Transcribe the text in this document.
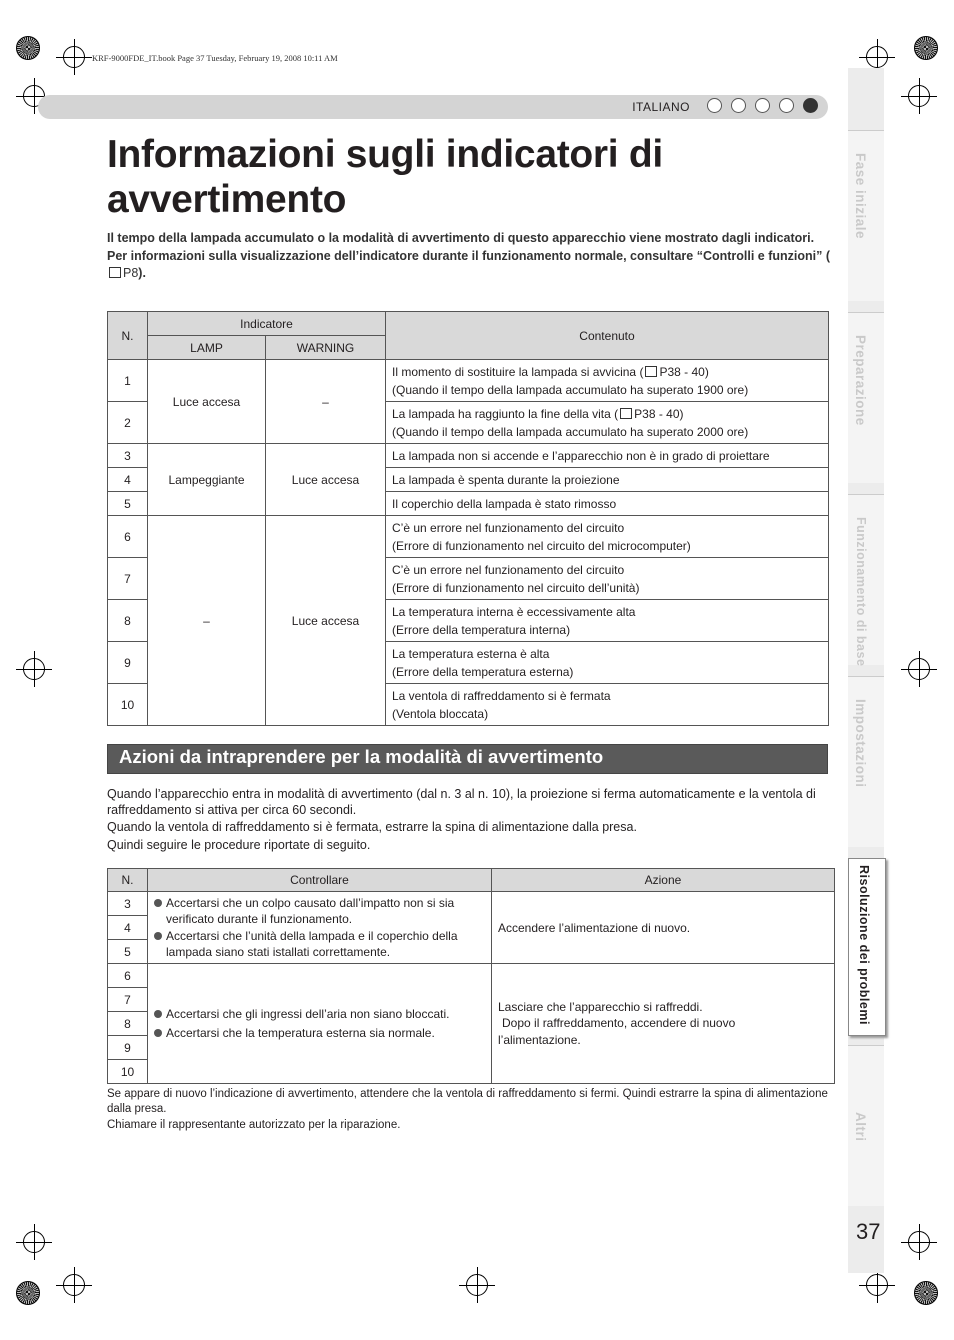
KRF-9000FDE_IT.book Page 37 Tuesday, February 19, 2008 10:11 AM
ITALIANO
Fase iniziale
Preparazione
Funzionamento di base
Impostazioni
Risoluzione dei problemi
Altri
37
Informazioni sugli indicatori di avvertimento

Il tempo della lampada accumulato o la modalità di avvertimento di questo apparecchio viene mostrato dagli indicatori.

Per informazioni sulla visualizzazione dell’indicatore durante il funzionamento normale, consultare “Controlli e funzioni” (P8).

N.	Indicatore		Contenuto
	LAMP	WARNING	
1	Luce accesa	–	Il momento di sostituire la lampada si avvicina ( P38 - 40)
(Quando il tempo della lampada accumulato ha superato 1900 ore)
2			La lampada ha raggiunto la fine della vita ( P38 - 40)
(Quando il tempo della lampada accumulato ha superato 2000 ore)
3	Lampeggiante	Luce accesa	La lampada non si accende e l’apparecchio non è in grado di proiettare
4			La lampada è spenta durante la proiezione
5			Il coperchio della lampada è stato rimosso
6	–	Luce accesa	C’è un errore nel funzionamento del circuito
(Errore di funzionamento nel circuito del microcomputer)
7			C’è un errore nel funzionamento del circuito
(Errore di funzionamento nel circuito dell’unità)
8			La temperatura interna è eccessivamente alta
(Errore della temperatura interna)
9			La temperatura esterna è alta
(Errore della temperatura esterna)
10			La ventola di raffreddamento si è fermata
(Ventola bloccata)
Azioni da intraprendere per la modalità di avvertimento

Quando l’apparecchio entra in modalità di avvertimento (dal n. 3 al n. 10), la proiezione si ferma automaticamente e la ventola di raffreddamento si attiva per circa 60 secondi.

Quando la ventola di raffreddamento si è fermata, estrarre la spina di alimentazione dalla presa.

Quindi seguire le procedure riportate di seguito.

N.	Controllare	Azione
3	Accertarsi che un colpo causato dall’impatto non si sia
verificato durante il funzionamento.
Accertarsi che l’unità della lampada e il coperchio della
lampada siano stati istallati correttamente.	Accendere l’alimentazione di nuovo.
4		
5		
6	Accertarsi che gli ingressi dell’aria non siano bloccati.
Accertarsi che la temperatura esterna sia normale.	Lasciare che l’apparecchio si raffreddi.
Dopo il raffreddamento, accendere di nuovo
l’alimentazione.

7		
8		
9		
10		

Se appare di nuovo l’indicazione di avvertimento, attendere che la ventola di raffreddamento si fermi. Quindi estrarre la spina di alimentazione dalla presa.

Chiamare il rappresentante autorizzato per la riparazione.
